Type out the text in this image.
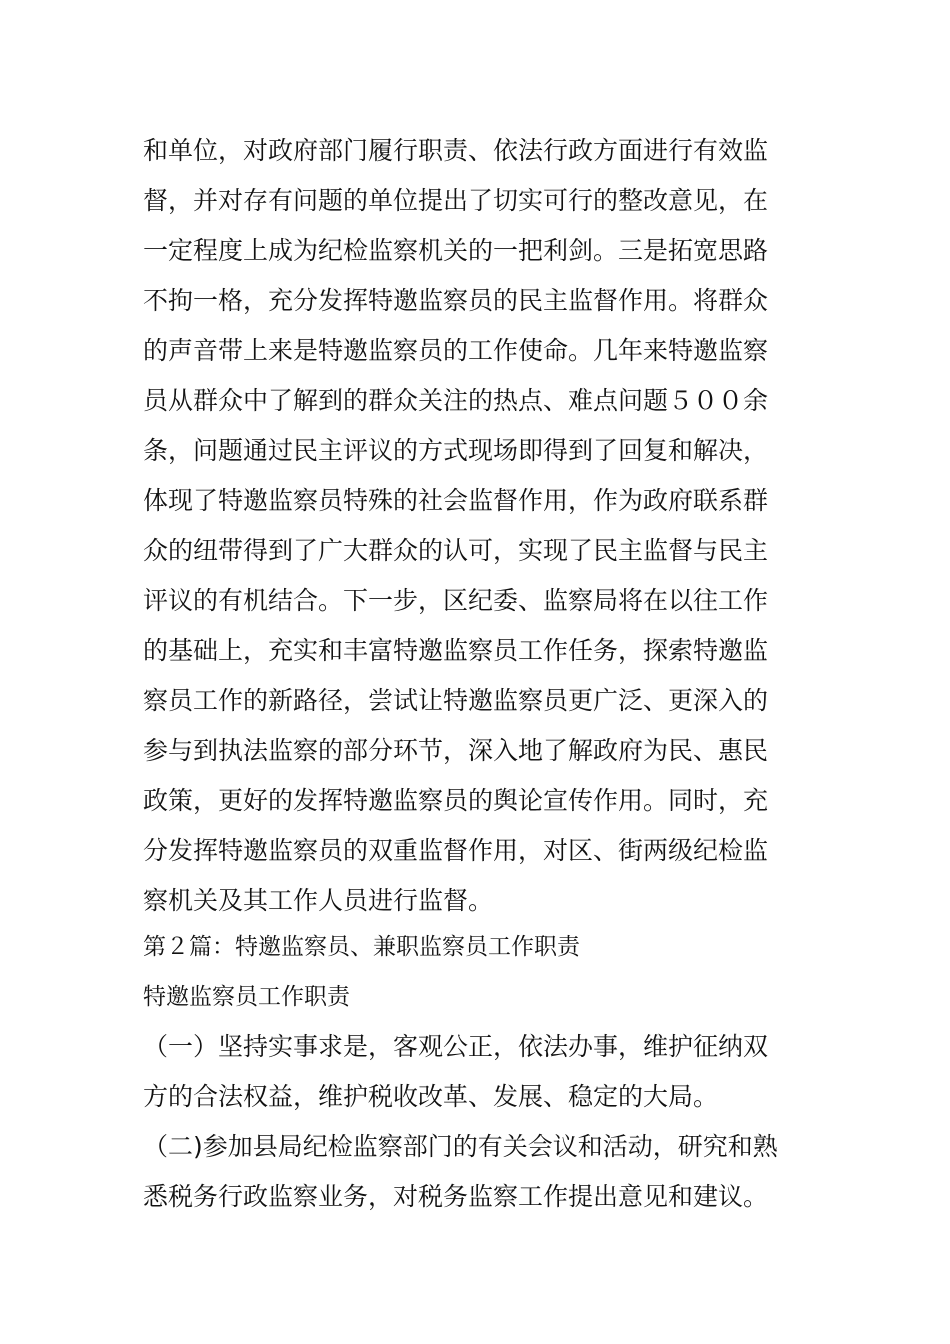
和单位，对政府部门履行职责、依法行政方面进行有效监
督，并对存有问题的单位提出了切实可行的整改意见，在
一定程度上成为纪检监察机关的一把利剑。三是拓宽思路
不拘一格，充分发挥特邀监察员的民主监督作用。将群众
的声音带上来是特邀监察员的工作使命。几年来特邀监察
员从群众中了解到的群众关注的热点、难点问题５００余
条，问题通过民主评议的方式现场即得到了回复和解决，
体现了特邀监察员特殊的社会监督作用，作为政府联系群
众的纽带得到了广大群众的认可，实现了民主监督与民主
评议的有机结合。下一步，区纪委、监察局将在以往工作
的基础上，充实和丰富特邀监察员工作任务，探索特邀监
察员工作的新路径，尝试让特邀监察员更广泛、更深入的
参与到执法监察的部分环节，深入地了解政府为民、惠民
政策，更好的发挥特邀监察员的舆论宣传作用。同时，充
分发挥特邀监察员的双重监督作用，对区、街两级纪检监
察机关及其工作人员进行监督。
第２篇：特邀监察员、兼职监察员工作职责
特邀监察员工作职责
（一）坚持实事求是，客观公正，依法办事，维护征纳双
方的合法权益，维护税收改革、发展、稳定的大局。
（二)参加县局纪检监察部门的有关会议和活动，研究和熟
悉税务行政监察业务，对税务监察工作提出意见和建议。
